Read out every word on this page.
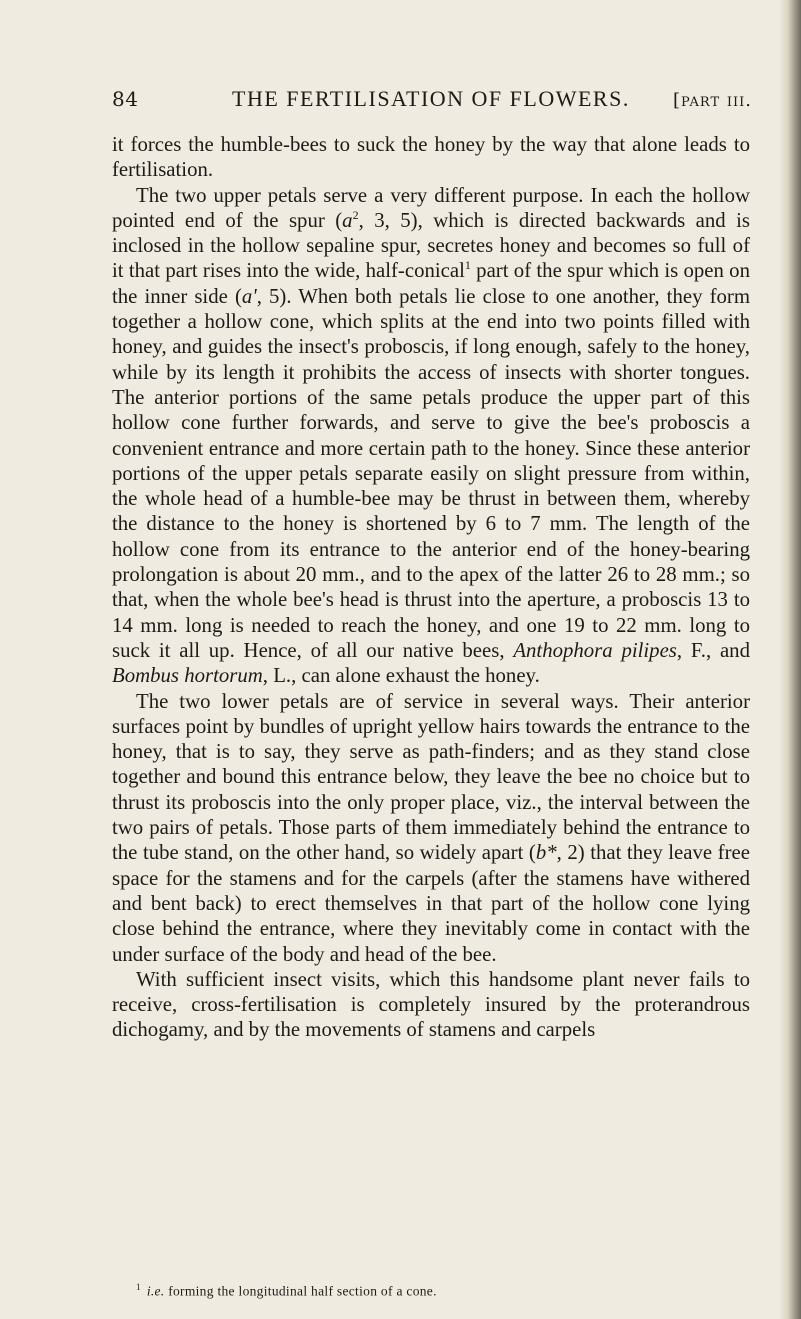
84	THE FERTILISATION OF FLOWERS.	[part iii.

it forces the humble-bees to suck the honey by the way that alone leads to fertilisation.

The two upper petals serve a very different purpose. In each the hollow pointed end of the spur ($a^2$, 3, 5), which is directed backwards and is inclosed in the hollow sepaline spur, secretes honey and becomes so full of it that part rises into the wide, half-conical$^1$ part of the spur which is open on the inner side (a', 5). When both petals lie close to one another, they form together a hollow cone, which splits at the end into two points filled with honey, and guides the insect's proboscis, if long enough, safely to the honey, while by its length it prohibits the access of insects with shorter tongues. The anterior portions of the same petals produce the upper part of this hollow cone further forwards, and serve to give the bee's proboscis a convenient entrance and more certain path to the honey. Since these anterior portions of the upper petals separate easily on slight pressure from within, the whole head of a humble-bee may be thrust in between them, whereby the distance to the honey is shortened by 6 to 7 mm. The length of the hollow cone from its entrance to the anterior end of the honey-bearing prolongation is about 20 mm., and to the apex of the latter 26 to 28 mm.; so that, when the whole bee's head is thrust into the aperture, a proboscis 13 to 14 mm. long is needed to reach the honey, and one 19 to 22 mm. long to suck it all up. Hence, of all our native bees, Anthophora pilipes, F., and Bombus hortorum, L., can alone exhaust the honey.

The two lower petals are of service in several ways. Their anterior surfaces point by bundles of upright yellow hairs towards the entrance to the honey, that is to say, they serve as path-finders; and as they stand close together and bound this entrance below, they leave the bee no choice but to thrust its proboscis into the only proper place, viz., the interval between the two pairs of petals. Those parts of them immediately behind the entrance to the tube stand, on the other hand, so widely apart (b*, 2) that they leave free space for the stamens and for the carpels (after the stamens have withered and bent back) to erect themselves in that part of the hollow cone lying close behind the entrance, where they inevitably come in contact with the under surface of the body and head of the bee.

With sufficient insect visits, which this handsome plant never fails to receive, cross-fertilisation is completely insured by the proterandrous dichogamy, and by the movements of stamens and carpels

$^1$ i.e. forming the longitudinal half section of a cone.
